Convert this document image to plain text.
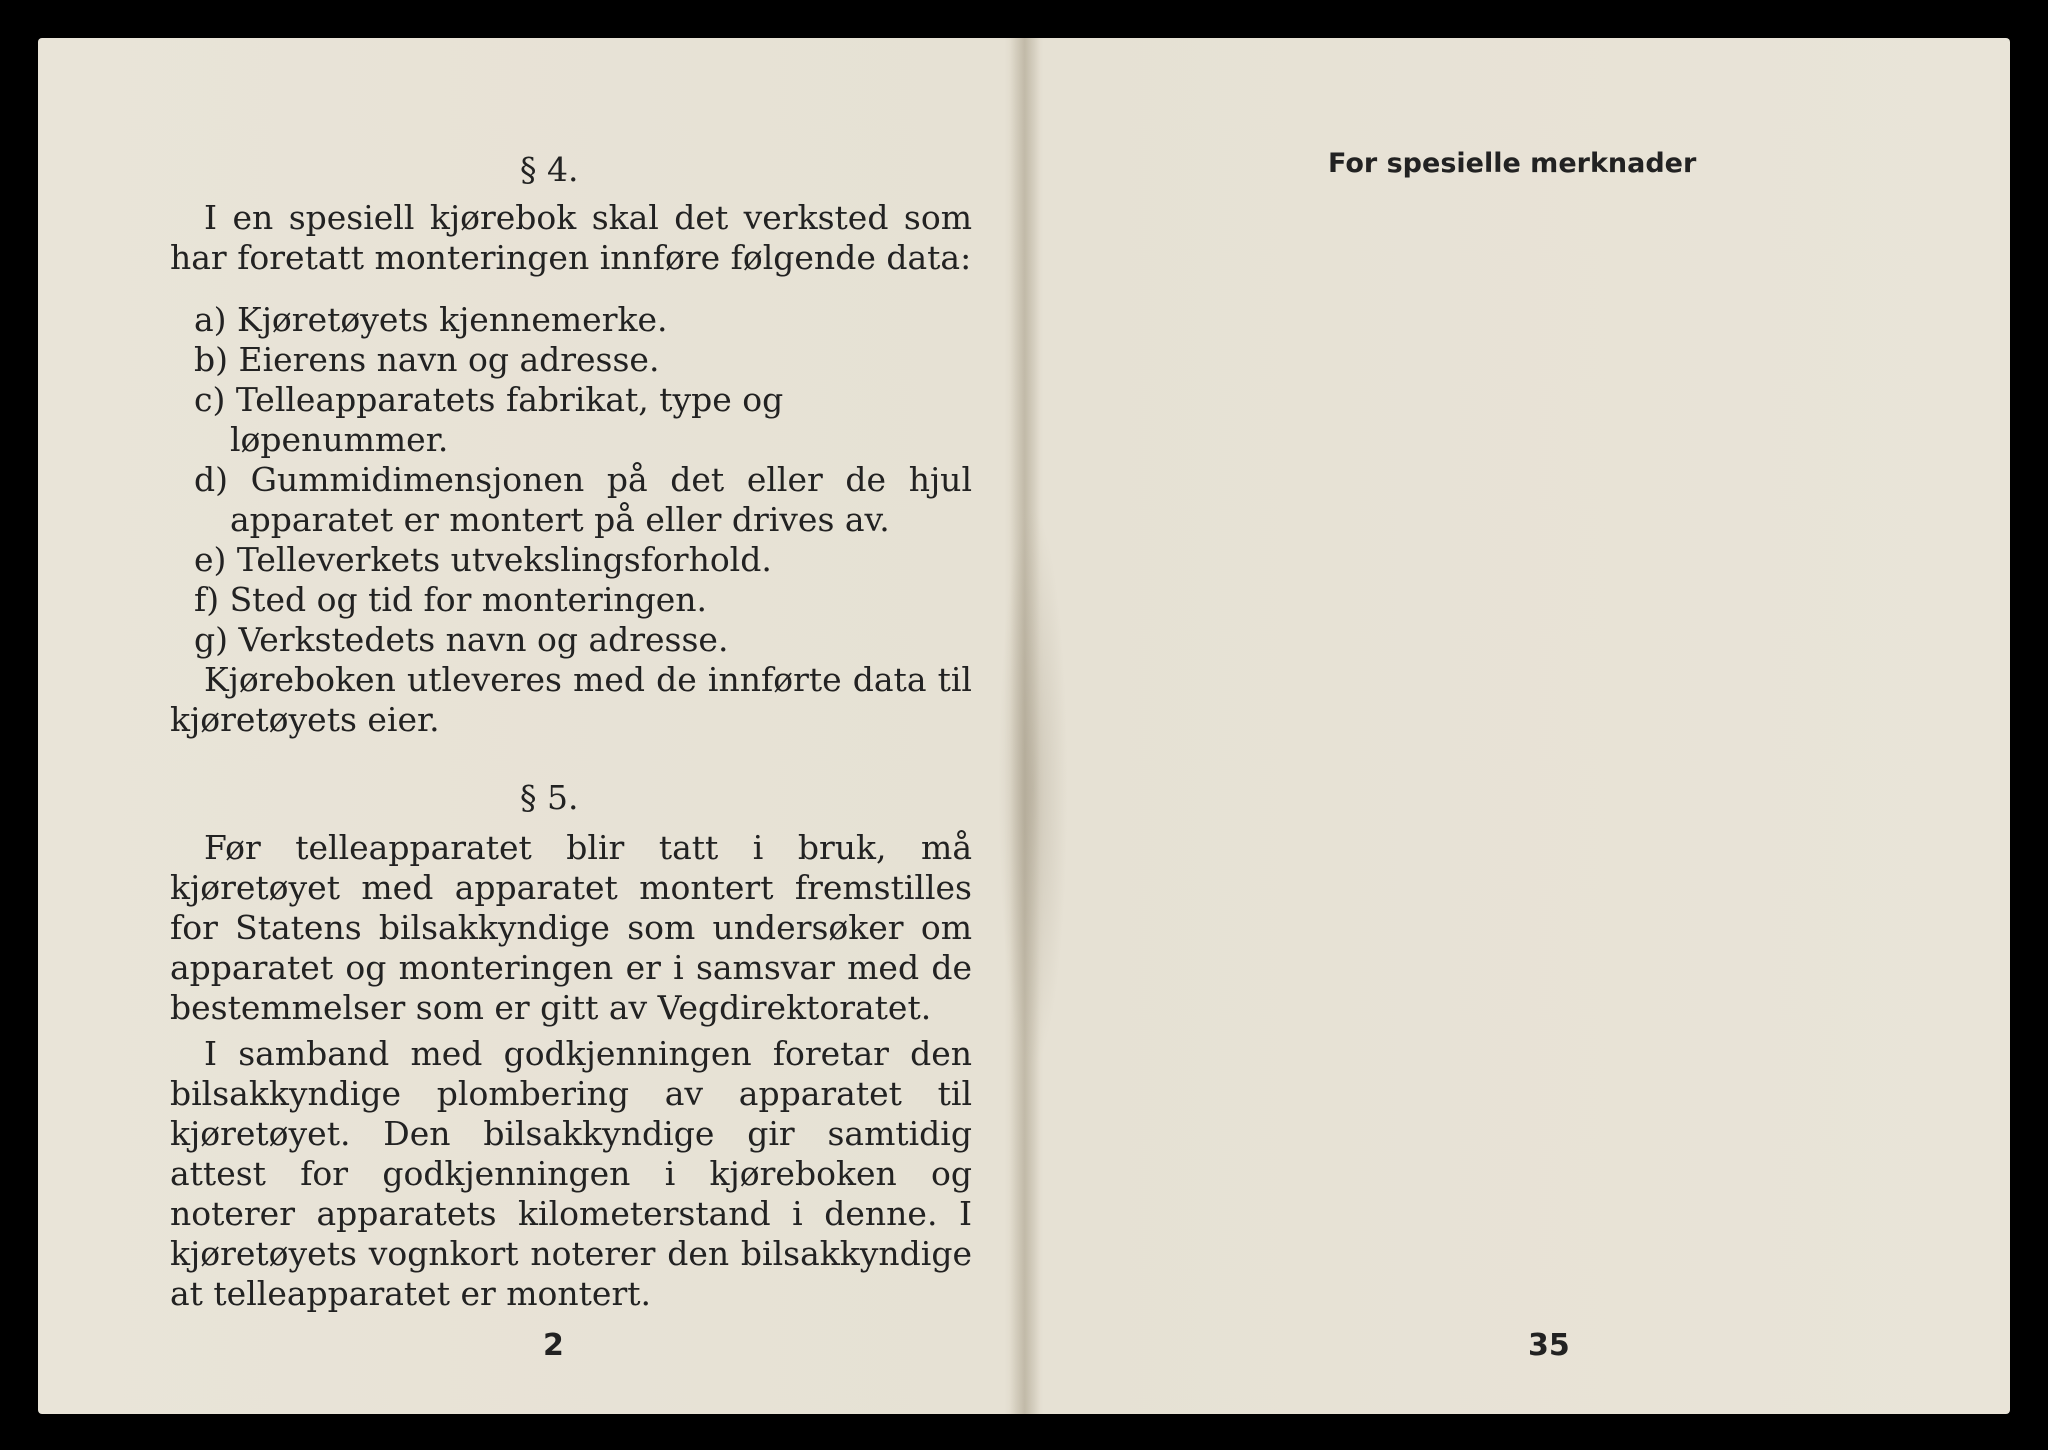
§ 4.
I en spesiell kjørebok skal det verksted som har foretatt monteringen innføre følgende data:
a) Kjøretøyets kjennemerke.
b) Eierens navn og adresse.
c) Telleapparatets fabrikat, type og løpenummer.
d) Gummidimensjonen på det eller de hjul apparatet er montert på eller drives av.
e) Telleverkets utvekslingsforhold.
f) Sted og tid for monteringen.
g) Verkstedets navn og adresse.
Kjøreboken utleveres med de innførte data til kjøretøyets eier.
§ 5.
Før telleapparatet blir tatt i bruk, må kjøretøyet med apparatet montert fremstilles for Statens bilsakkyndige som undersøker om apparatet og monteringen er i samsvar med de bestemmelser som er gitt av Vegdirektoratet.
I samband med godkjenningen foretar den bilsakkyndige plombering av apparatet til kjøretøyet. Den bilsakkyndige gir samtidig attest for godkjenningen i kjøreboken og noterer apparatets kilometerstand i denne. I kjøretøyets vognkort noterer den bilsakkyndige at telleapparatet er montert.
2
For spesielle merknader
35
